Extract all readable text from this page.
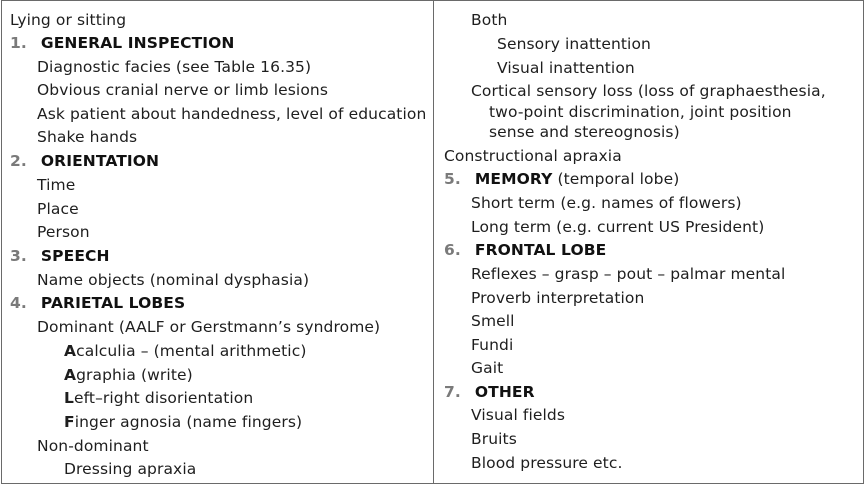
Lying or sitting
1. GENERAL INSPECTION
Diagnostic facies (see Table 16.35)
Obvious cranial nerve or limb lesions
Ask patient about handedness, level of education
Shake hands
2. ORIENTATION
Time
Place
Person
3. SPEECH
Name objects (nominal dysphasia)
4. PARIETAL LOBES
Dominant (AALF or Gerstmann’s syndrome)
Acalculia – (mental arithmetic)
Agraphia (write)
Left–right disorientation
Finger agnosia (name fingers)
Non-dominant
Dressing apraxia
Both
Sensory inattention
Visual inattention
Cortical sensory loss (loss of graphaesthesia,
two-point discrimination, joint position
sense and stereognosis)
Constructional apraxia
5. MEMORY (temporal lobe)
Short term (e.g. names of flowers)
Long term (e.g. current US President)
6. FRONTAL LOBE
Reflexes – grasp – pout – palmar mental
Proverb interpretation
Smell
Fundi
Gait
7. OTHER
Visual fields
Bruits
Blood pressure etc.
